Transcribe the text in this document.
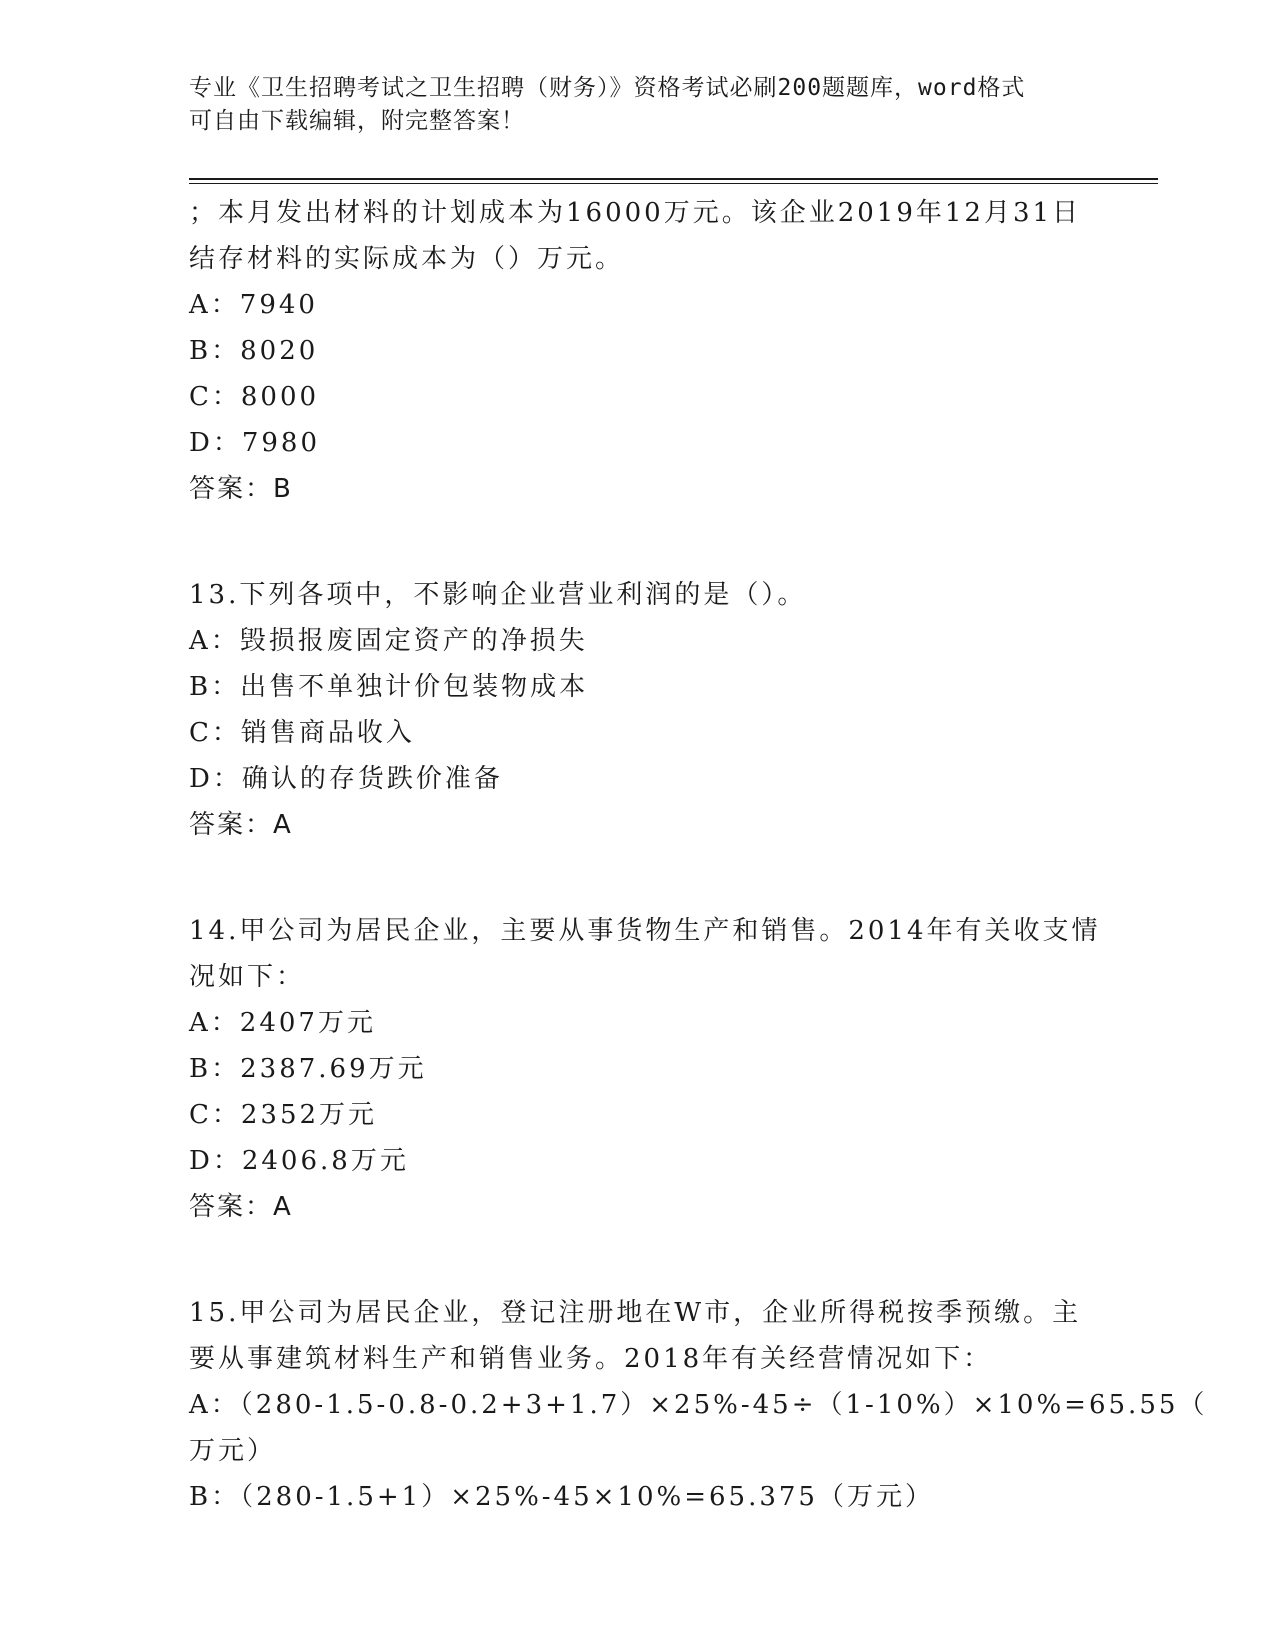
专业《卫生招聘考试之卫生招聘（财务）》资格考试必刷200题题库，word格式

可自由下载编辑，附完整答案！

；本月发出材料的计划成本为16000万元。该企业2019年12月31日

结存材料的实际成本为（）万元。

A：7940

B：8020

C：8000

D：7980

答案：B

13.下列各项中，不影响企业营业利润的是（）。

A：毁损报废固定资产的净损失

B：出售不单独计价包装物成本

C：销售商品收入

D：确认的存货跌价准备

答案：A

14.甲公司为居民企业，主要从事货物生产和销售。2014年有关收支情

况如下：

A：2407万元

B：2387.69万元

C：2352万元

D：2406.8万元

答案：A

15.甲公司为居民企业，登记注册地在W市，企业所得税按季预缴。主

要从事建筑材料生产和销售业务。2018年有关经营情况如下：

A：（280-1.5-0.8-0.2+3+1.7）×25%-45÷（1-10%）×10%=65.55（

万元）

B：（280-1.5+1）×25%-45×10%=65.375（万元）
